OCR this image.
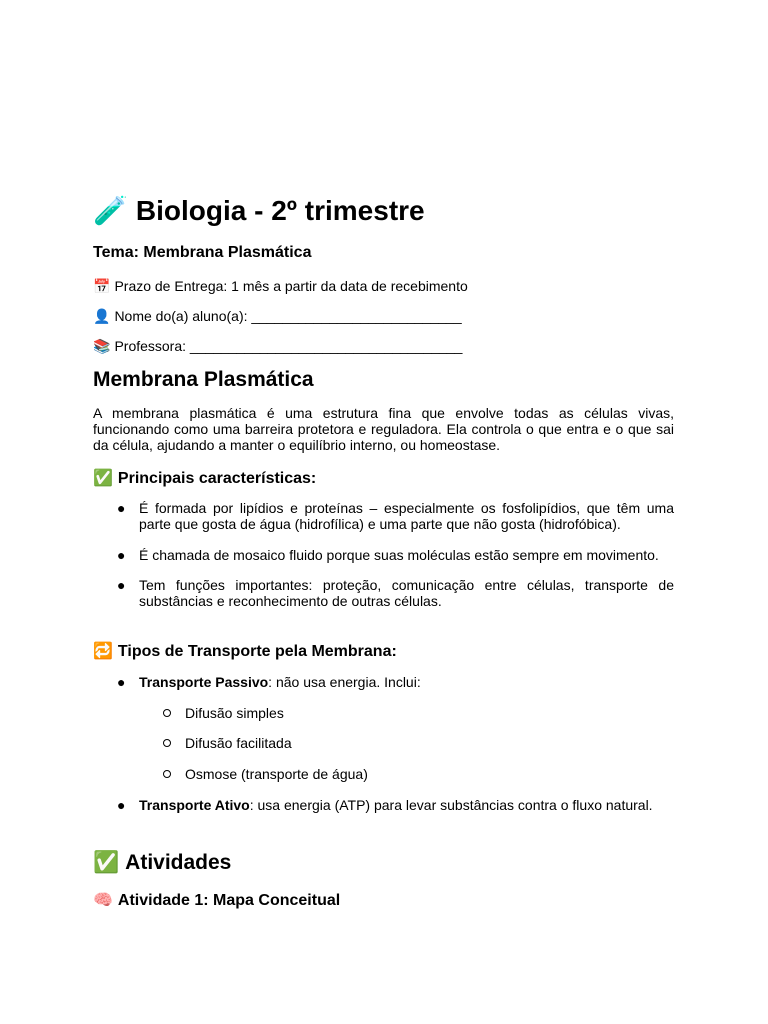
🧪 Biologia - 2º trimestre
Tema: Membrana Plasmática
📅 Prazo de Entrega: 1 mês a partir da data de recebimento
👤 Nome do(a) aluno(a): ___________________________
📚 Professora: ___________________________________
Membrana Plasmática
A membrana plasmática é uma estrutura fina que envolve todas as células vivas, funcionando como uma barreira protetora e reguladora. Ela controla o que entra e o que sai da célula, ajudando a manter o equilíbrio interno, ou homeostase.
✅ Principais características:
● É formada por lipídios e proteínas – especialmente os fosfolipídios, que têm uma parte que gosta de água (hidrofílica) e uma parte que não gosta (hidrofóbica).
● É chamada de mosaico fluido porque suas moléculas estão sempre em movimento.
● Tem funções importantes: proteção, comunicação entre células, transporte de substâncias e reconhecimento de outras células.
🔁 Tipos de Transporte pela Membrana:
● Transporte Passivo: não usa energia. Inclui:
Difusão simples
Difusão facilitada
Osmose (transporte de água)
● Transporte Ativo: usa energia (ATP) para levar substâncias contra o fluxo natural.
✅ Atividades
🧠 Atividade 1: Mapa Conceitual
